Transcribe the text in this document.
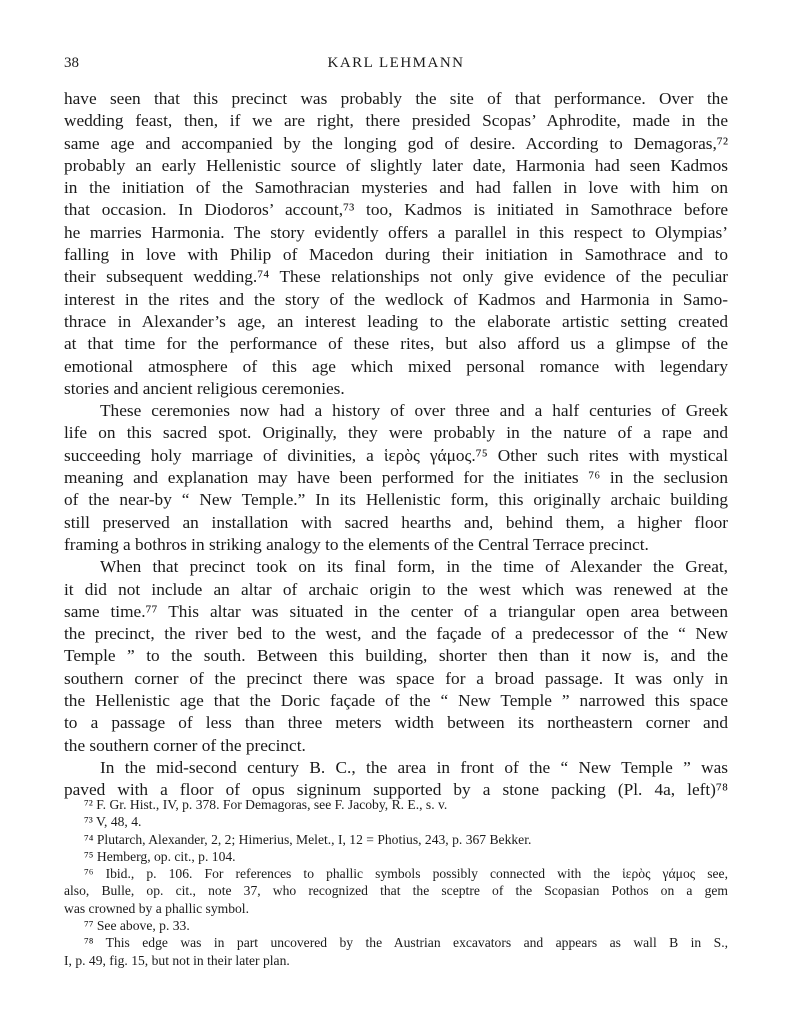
38	KARL LEHMANN
have seen that this precinct was probably the site of that performance. Over the
wedding feast, then, if we are right, there presided Scopas’ Aphrodite, made in the
same age and accompanied by the longing god of desire. According to Demagoras,⁷²
probably an early Hellenistic source of slightly later date, Harmonia had seen Kadmos
in the initiation of the Samothracian mysteries and had fallen in love with him on
that occasion. In Diodoros’ account,⁷³ too, Kadmos is initiated in Samothrace before
he marries Harmonia. The story evidently offers a parallel in this respect to Olympias’
falling in love with Philip of Macedon during their initiation in Samothrace and to
their subsequent wedding.⁷⁴ These relationships not only give evidence of the peculiar
interest in the rites and the story of the wedlock of Kadmos and Harmonia in Samo-
thrace in Alexander’s age, an interest leading to the elaborate artistic setting created
at that time for the performance of these rites, but also afford us a glimpse of the
emotional atmosphere of this age which mixed personal romance with legendary
stories and ancient religious ceremonies.
These ceremonies now had a history of over three and a half centuries of Greek
life on this sacred spot. Originally, they were probably in the nature of a rape and
succeeding holy marriage of divinities, a ἱερὸς γάμος.⁷⁵ Other such rites with mystical
meaning and explanation may have been performed for the initiates ⁷⁶ in the seclusion
of the near-by “ New Temple.” In its Hellenistic form, this originally archaic building
still preserved an installation with sacred hearths and, behind them, a higher floor
framing a bothros in striking analogy to the elements of the Central Terrace precinct.
When that precinct took on its final form, in the time of Alexander the Great,
it did not include an altar of archaic origin to the west which was renewed at the
same time.⁷⁷ This altar was situated in the center of a triangular open area between
the precinct, the river bed to the west, and the façade of a predecessor of the “ New
Temple ” to the south. Between this building, shorter then than it now is, and the
southern corner of the precinct there was space for a broad passage. It was only in
the Hellenistic age that the Doric façade of the “ New Temple ” narrowed this space
to a passage of less than three meters width between its northeastern corner and
the southern corner of the precinct.
In the mid-second century B. C., the area in front of the “ New Temple ” was
paved with a floor of opus signinum supported by a stone packing (Pl. 4a, left)⁷⁸
⁷² F. Gr. Hist., IV, p. 378. For Demagoras, see F. Jacoby, R. E., s. v.
⁷³ V, 48, 4.
⁷⁴ Plutarch, Alexander, 2, 2; Himerius, Melet., I, 12 = Photius, 243, p. 367 Bekker.
⁷⁵ Hemberg, op. cit., p. 104.
⁷⁶ Ibid., p. 106. For references to phallic symbols possibly connected with the ἱερὸς γάμος see,
also, Bulle, op. cit., note 37, who recognized that the sceptre of the Scopasian Pothos on a gem
was crowned by a phallic symbol.
⁷⁷ See above, p. 33.
⁷⁸ This edge was in part uncovered by the Austrian excavators and appears as wall B in S.,
I, p. 49, fig. 15, but not in their later plan.
